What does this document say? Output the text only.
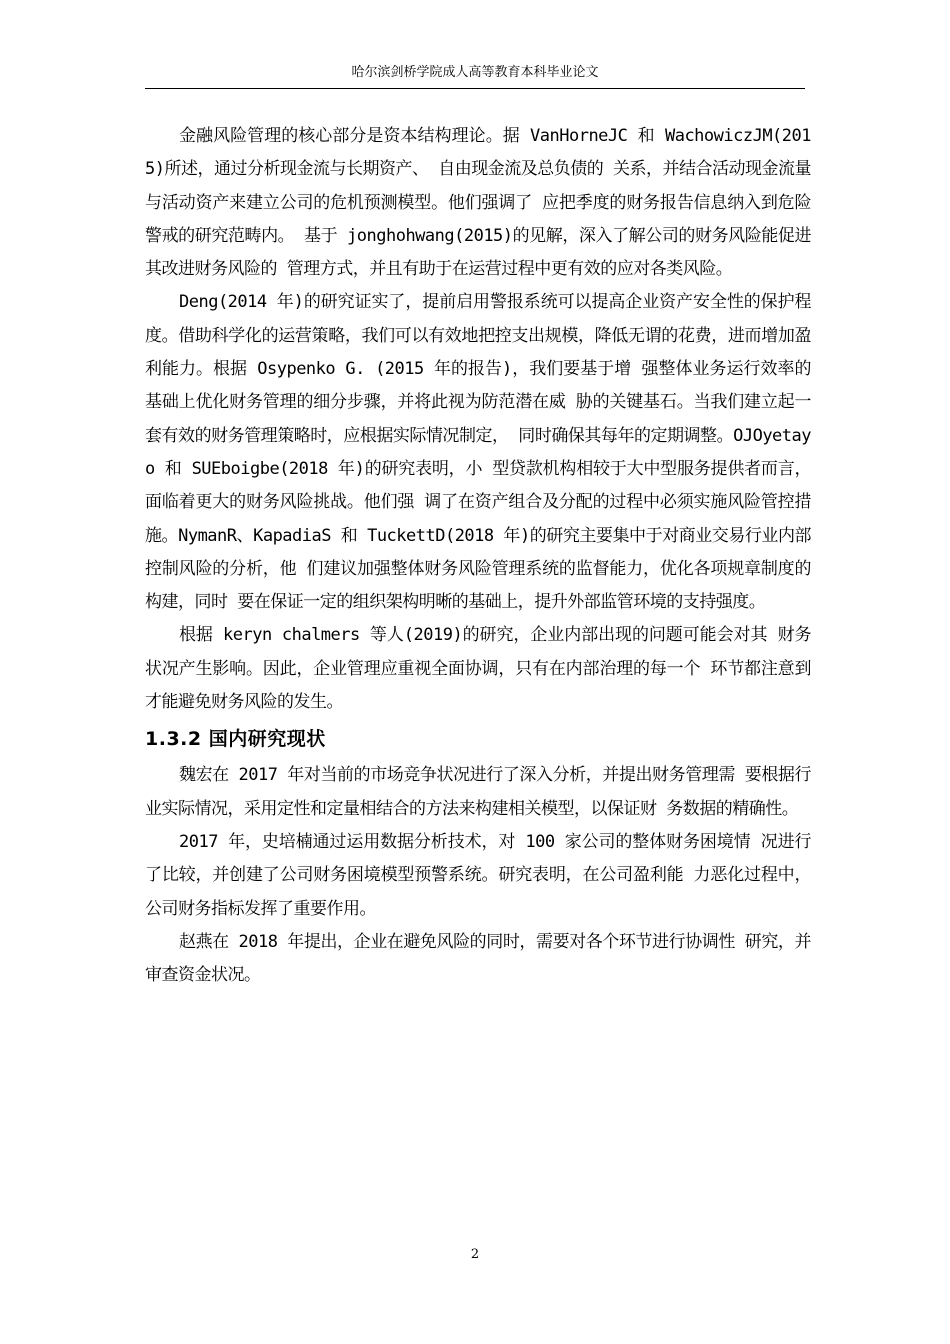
哈尔滨剑桥学院成人高等教育本科毕业论文

金融风险管理的核心部分是资本结构理论。据 VanHorneJC 和 WachowiczJM(2015)所述，通过分析现金流与长期资产、 自由现金流及总负债的 关系，并结合活动现金流量与活动资产来建立公司的危机预测模型。他们强调了 应把季度的财务报告信息纳入到危险警戒的研究范畴内。 基于 jonghohwang(2015)的见解，深入了解公司的财务风险能促进其改进财务风险的 管理方式，并且有助于在运营过程中更有效的应对各类风险。

Deng(2014 年)的研究证实了，提前启用警报系统可以提高企业资产安全性的保护程度。借助科学化的运营策略，我们可以有效地把控支出规模，降低无谓的花费，进而增加盈利能力。根据 Osypenko G. (2015 年的报告)，我们要基于增 强整体业务运行效率的基础上优化财务管理的细分步骤，并将此视为防范潜在威 胁的关键基石。当我们建立起一套有效的财务管理策略时，应根据实际情况制定， 同时确保其每年的定期调整。OJOyetayo 和 SUEboigbe(2018 年)的研究表明，小 型贷款机构相较于大中型服务提供者而言，面临着更大的财务风险挑战。他们强 调了在资产组合及分配的过程中必须实施风险管控措施。NymanR、KapadiaS 和 TuckettD(2018 年)的研究主要集中于对商业交易行业内部控制风险的分析，他 们建议加强整体财务风险管理系统的监督能力，优化各项规章制度的构建，同时 要在保证一定的组织架构明晰的基础上，提升外部监管环境的支持强度。

根据 keryn chalmers 等人(2019)的研究，企业内部出现的问题可能会对其 财务状况产生影响。因此，企业管理应重视全面协调，只有在内部治理的每一个 环节都注意到才能避免财务风险的发生。

1.3.2 国内研究现状

魏宏在 2017 年对当前的市场竞争状况进行了深入分析，并提出财务管理需 要根据行业实际情况，采用定性和定量相结合的方法来构建相关模型，以保证财 务数据的精确性。

2017 年，史培楠通过运用数据分析技术，对 100 家公司的整体财务困境情 况进行了比较，并创建了公司财务困境模型预警系统。研究表明，在公司盈利能 力恶化过程中，公司财务指标发挥了重要作用。

赵燕在 2018 年提出，企业在避免风险的同时，需要对各个环节进行协调性 研究，并审查资金状况。

2
